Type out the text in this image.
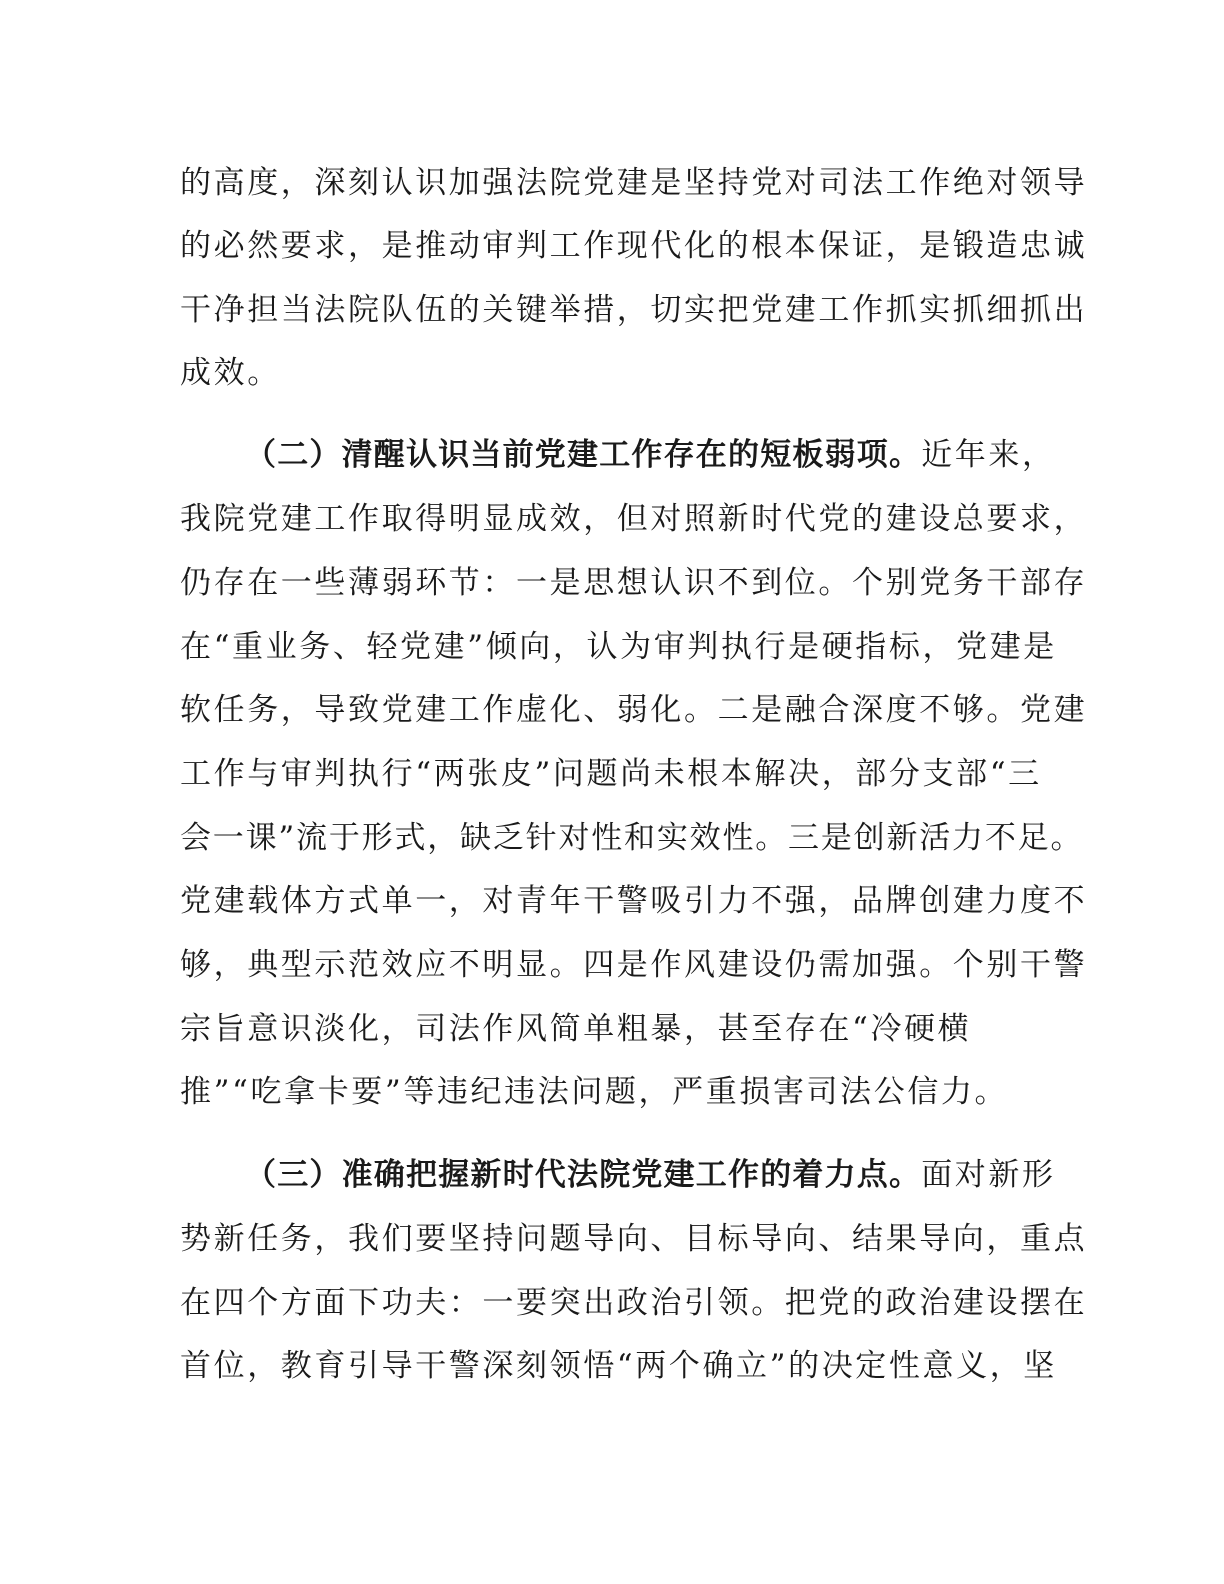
的高度，深刻认识加强法院党建是坚持党对司法工作绝对领导

的必然要求，是推动审判工作现代化的根本保证，是锻造忠诚

干净担当法院队伍的关键举措，切实把党建工作抓实抓细抓出

成效。

（二）清醒认识当前党建工作存在的短板弱项。近年来，

我院党建工作取得明显成效，但对照新时代党的建设总要求，

仍存在一些薄弱环节：一是思想认识不到位。个别党务干部存

在“重业务、轻党建”倾向，认为审判执行是硬指标，党建是

软任务，导致党建工作虚化、弱化。二是融合深度不够。党建

工作与审判执行“两张皮”问题尚未根本解决，部分支部“三

会一课”流于形式，缺乏针对性和实效性。三是创新活力不足。

党建载体方式单一，对青年干警吸引力不强，品牌创建力度不

够，典型示范效应不明显。四是作风建设仍需加强。个别干警

宗旨意识淡化，司法作风简单粗暴，甚至存在“冷硬横

推”“吃拿卡要”等违纪违法问题，严重损害司法公信力。

（三）准确把握新时代法院党建工作的着力点。面对新形

势新任务，我们要坚持问题导向、目标导向、结果导向，重点

在四个方面下功夫：一要突出政治引领。把党的政治建设摆在

首位，教育引导干警深刻领悟“两个确立”的决定性意义，坚
